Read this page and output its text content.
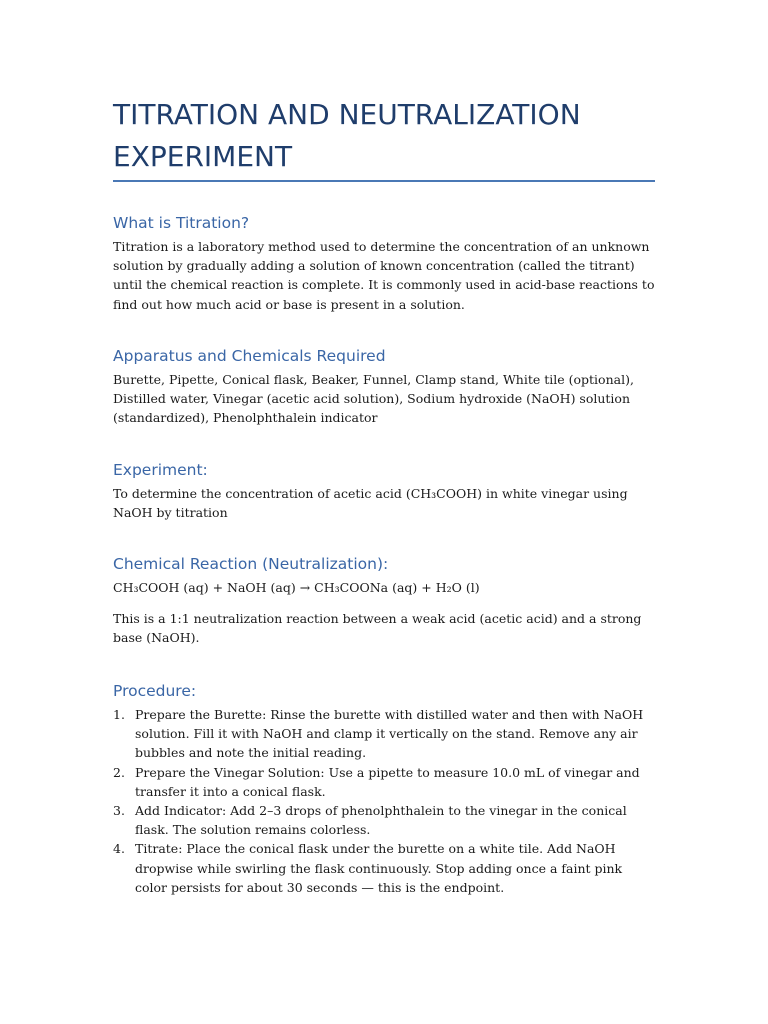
TITRATION AND NEUTRALIZATION EXPERIMENT
What is Titration?

Titration is a laboratory method used to determine the concentration of an unknown solution by gradually adding a solution of known concentration (called the titrant) until the chemical reaction is complete. It is commonly used in acid-base reactions to find out how much acid or base is present in a solution.

Apparatus and Chemicals Required

Burette, Pipette, Conical flask, Beaker, Funnel, Clamp stand, White tile (optional), Distilled water, Vinegar (acetic acid solution), Sodium hydroxide (NaOH) solution (standardized), Phenolphthalein indicator

Experiment:

To determine the concentration of acetic acid (CH₃COOH) in white vinegar using NaOH by titration

Chemical Reaction (Neutralization):

CH₃COOH (aq) + NaOH (aq) → CH₃COONa (aq) + H₂O (l)

This is a 1:1 neutralization reaction between a weak acid (acetic acid) and a strong base (NaOH).

Procedure:
1. Prepare the Burette: Rinse the burette with distilled water and then with NaOH solution. Fill it with NaOH and clamp it vertically on the stand. Remove any air bubbles and note the initial reading.
2. Prepare the Vinegar Solution: Use a pipette to measure 10.0 mL of vinegar and transfer it into a conical flask.
3. Add Indicator: Add 2–3 drops of phenolphthalein to the vinegar in the conical flask. The solution remains colorless.
4. Titrate: Place the conical flask under the burette on a white tile. Add NaOH dropwise while swirling the flask continuously. Stop adding once a faint pink color persists for about 30 seconds — this is the endpoint.
